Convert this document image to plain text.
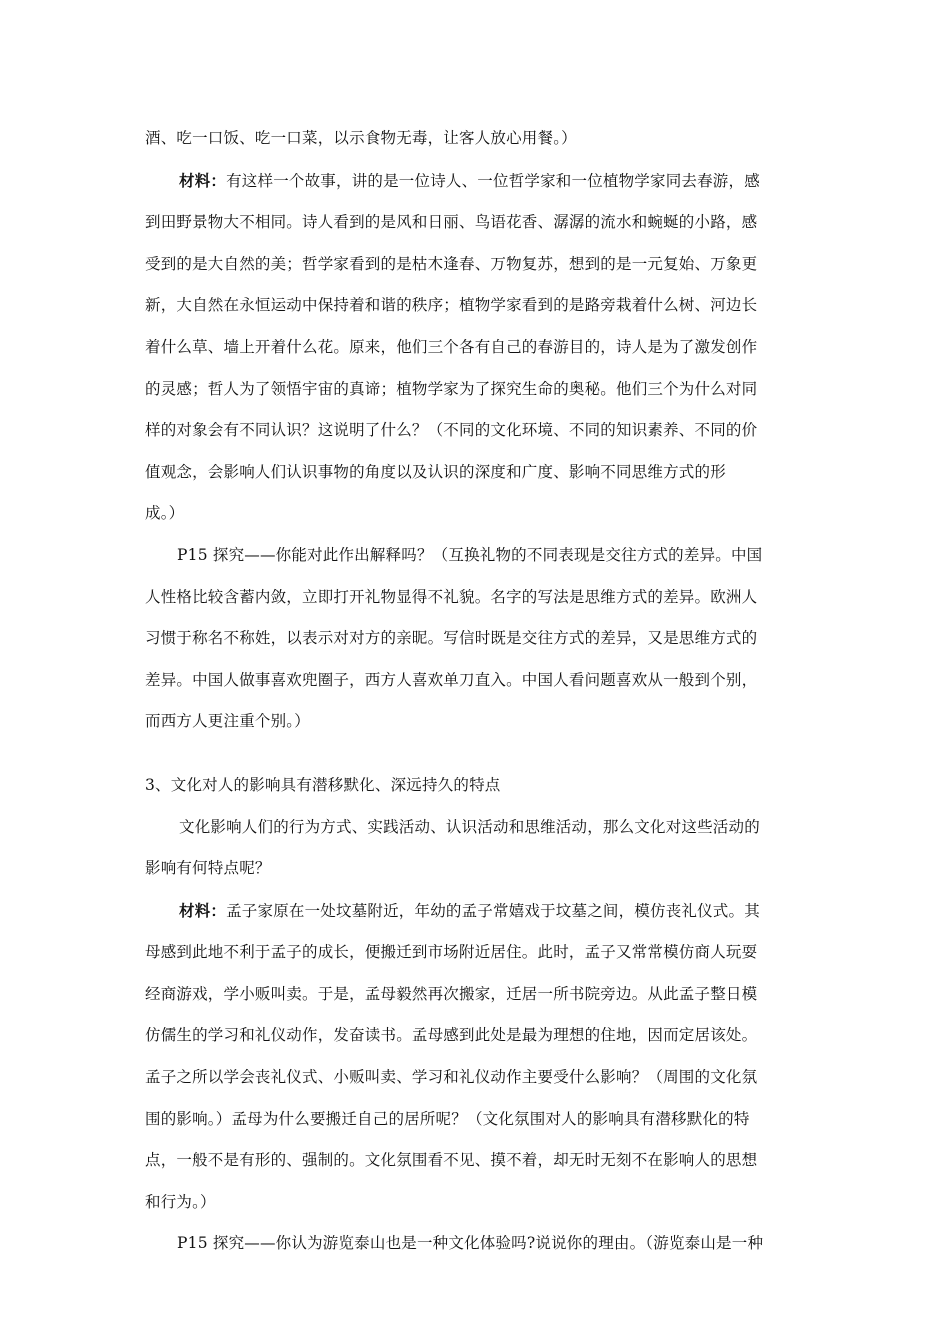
酒、吃一口饭、吃一口菜，以示食物无毒，让客人放心用餐。）

材料：有这样一个故事，讲的是一位诗人、一位哲学家和一位植物学家同去春游，感
到田野景物大不相同。诗人看到的是风和日丽、鸟语花香、潺潺的流水和蜿蜒的小路，感
受到的是大自然的美；哲学家看到的是枯木逢春、万物复苏，想到的是一元复始、万象更
新，大自然在永恒运动中保持着和谐的秩序；植物学家看到的是路旁栽着什么树、河边长
着什么草、墙上开着什么花。原来，他们三个各有自己的春游目的，诗人是为了激发创作
的灵感；哲人为了领悟宇宙的真谛；植物学家为了探究生命的奥秘。他们三个为什么对同
样的对象会有不同认识？这说明了什么？（不同的文化环境、不同的知识素养、不同的价
值观念，会影响人们认识事物的角度以及认识的深度和广度、影响不同思维方式的形
成。）

P15 探究——你能对此作出解释吗？（互换礼物的不同表现是交往方式的差异。中国
人性格比较含蓄内敛，立即打开礼物显得不礼貌。名字的写法是思维方式的差异。欧洲人
习惯于称名不称姓，以表示对对方的亲昵。写信时既是交往方式的差异，又是思维方式的
差异。中国人做事喜欢兜圈子，西方人喜欢单刀直入。中国人看问题喜欢从一般到个别，
而西方人更注重个别。）

3、文化对人的影响具有潜移默化、深远持久的特点

文化影响人们的行为方式、实践活动、认识活动和思维活动，那么文化对这些活动的
影响有何特点呢？

材料：孟子家原在一处坟墓附近，年幼的孟子常嬉戏于坟墓之间，模仿丧礼仪式。其
母感到此地不利于孟子的成长，便搬迁到市场附近居住。此时，孟子又常常模仿商人玩耍
经商游戏，学小贩叫卖。于是，孟母毅然再次搬家，迁居一所书院旁边。从此孟子整日模
仿儒生的学习和礼仪动作，发奋读书。孟母感到此处是最为理想的住地，因而定居该处。
孟子之所以学会丧礼仪式、小贩叫卖、学习和礼仪动作主要受什么影响？（周围的文化氛
围的影响。）孟母为什么要搬迁自己的居所呢？（文化氛围对人的影响具有潜移默化的特
点，一般不是有形的、强制的。文化氛围看不见、摸不着，却无时无刻不在影响人的思想
和行为。）

P15 探究——你认为游览泰山也是一种文化体验吗?说说你的理由。（游览泰山是一种
